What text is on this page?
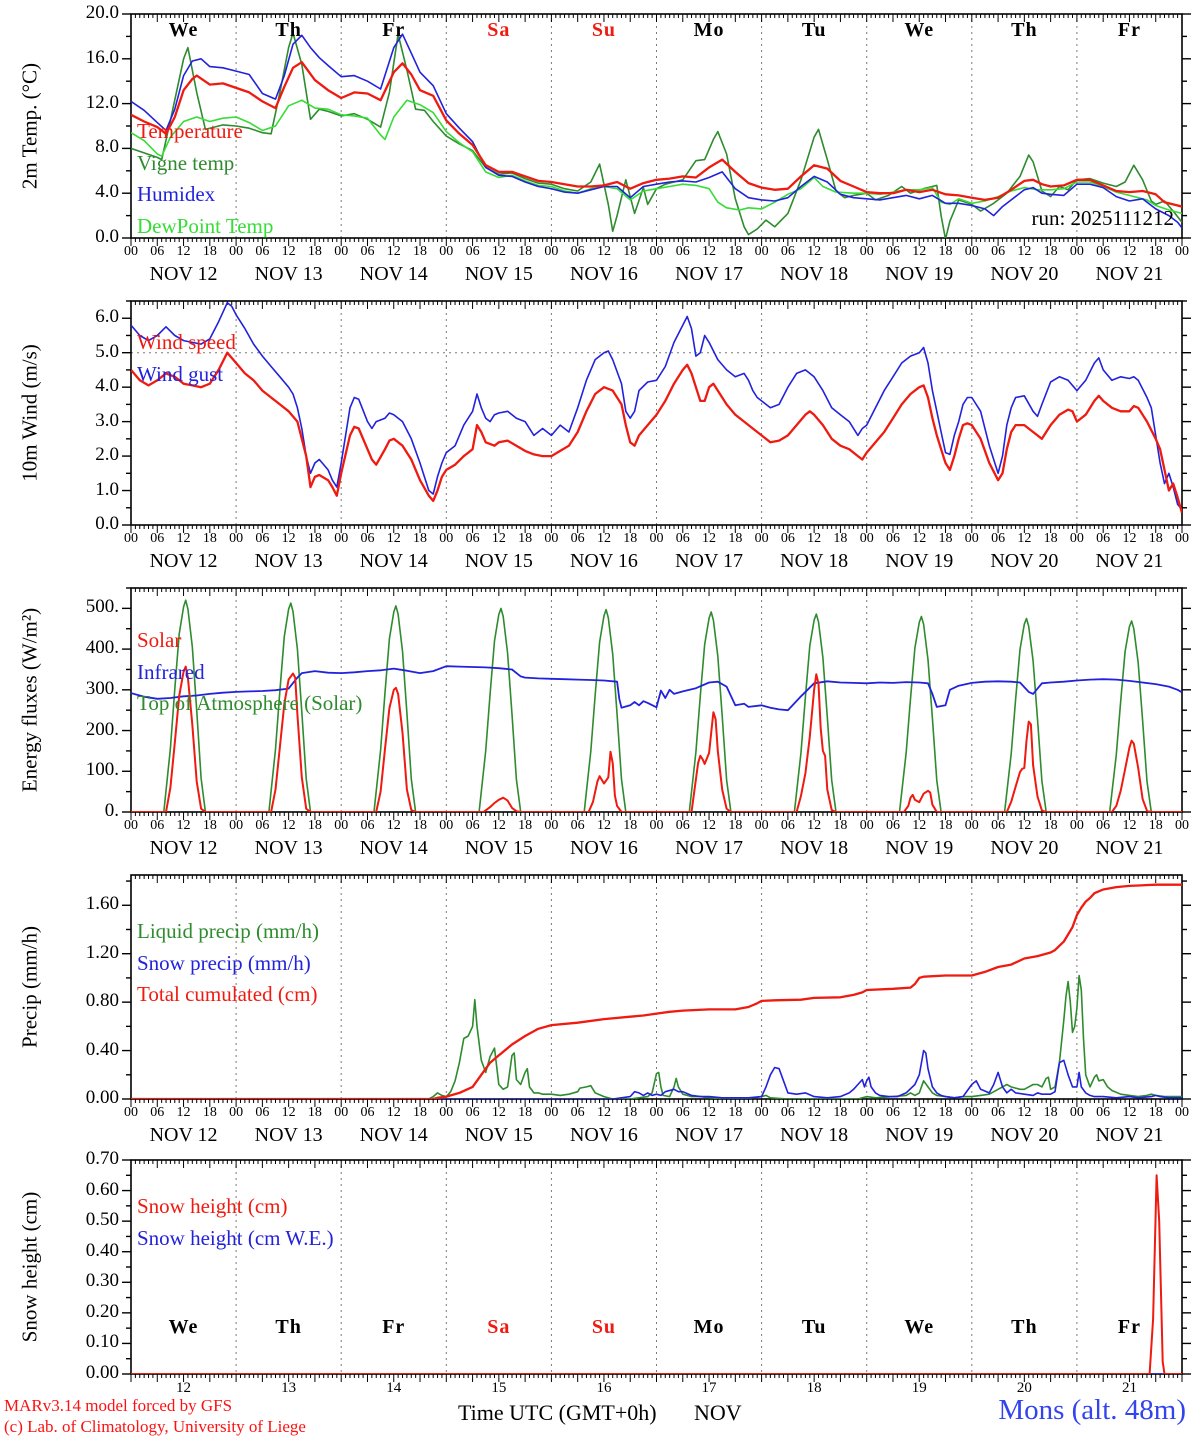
0.0
4.0
8.0
12.0
16.0
20.0
2m Temp. (°C)	Temperature
Vigne temp
Humidex
DewPoint Temp
00 06 12 18 00 06 12 18 00 06 12 18 00 06 12 18 00 06 12 18 00 06 12 18 00 06 12 18 00 06 12 18 00 06 12 18 00 06 12 18 00
NOV 12 NOV 13 NOV 14 NOV 15 NOV 16 NOV 17 NOV 18 NOV 19 NOV 20 NOV 21
We	Th	Fr	Sa	Su	Mo	Tu	We	Th	Fr
0.0
1.0
2.0
3.0
4.0
5.0
6.0
10m Wind (m/s)
Wind speed
Wind gust
00 06 12 18 00 06 12 18 00 06 12 18 00 06 12 18 00 06 12 18 00 06 12 18 00 06 12 18 00 06 12 18 00 06 12 18 00 06 12 18 00
NOV 12 NOV 13 NOV 14 NOV 15 NOV 16 NOV 17 NOV 18 NOV 19 NOV 20 NOV 21
0.
100.
200.
300.
400.
500.
Energy fluxes (W/m²)	Solar
Infrared
Top of Atmosphere (Solar)
00 06 12 18 00 06 12 18 00 06 12 18 00 06 12 18 00 06 12 18 00 06 12 18 00 06 12 18 00 06 12 18 00 06 12 18 00 06 12 18 00
NOV 12 NOV 13 NOV 14 NOV 15 NOV 16 NOV 17 NOV 18 NOV 19 NOV 20 NOV 21
0.00
0.40
0.80
1.20
1.60
Precip (mm/h)	Liquid precip (mm/h)
Snow precip (mm/h)
Total cumulated (cm)
00 06 12 18 00 06 12 18 00 06 12 18 00 06 12 18 00 06 12 18 00 06 12 18 00 06 12 18 00 06 12 18 00 06 12 18 00 06 12 18 00
NOV 12 NOV 13 NOV 14 NOV 15 NOV 16 NOV 17 NOV 18 NOV 19 NOV 20 NOV 21
0.00
0.10
0.20
0.30
0.40
0.50
0.60
0.70
Snow height (cm)	Snow height (cm)
Snow height (cm W.E.)
12	13	14	15	16	17	18	19	20	21
We	Th	Fr	Sa	Su	Mo	Tu	We	Th	Fr
run: 2025111212
MARv3.14 model forced by GFS
(c) Lab. of Climatology, University of Liege
Time UTC (GMT+0h) NOV	Mons (alt. 48m)
